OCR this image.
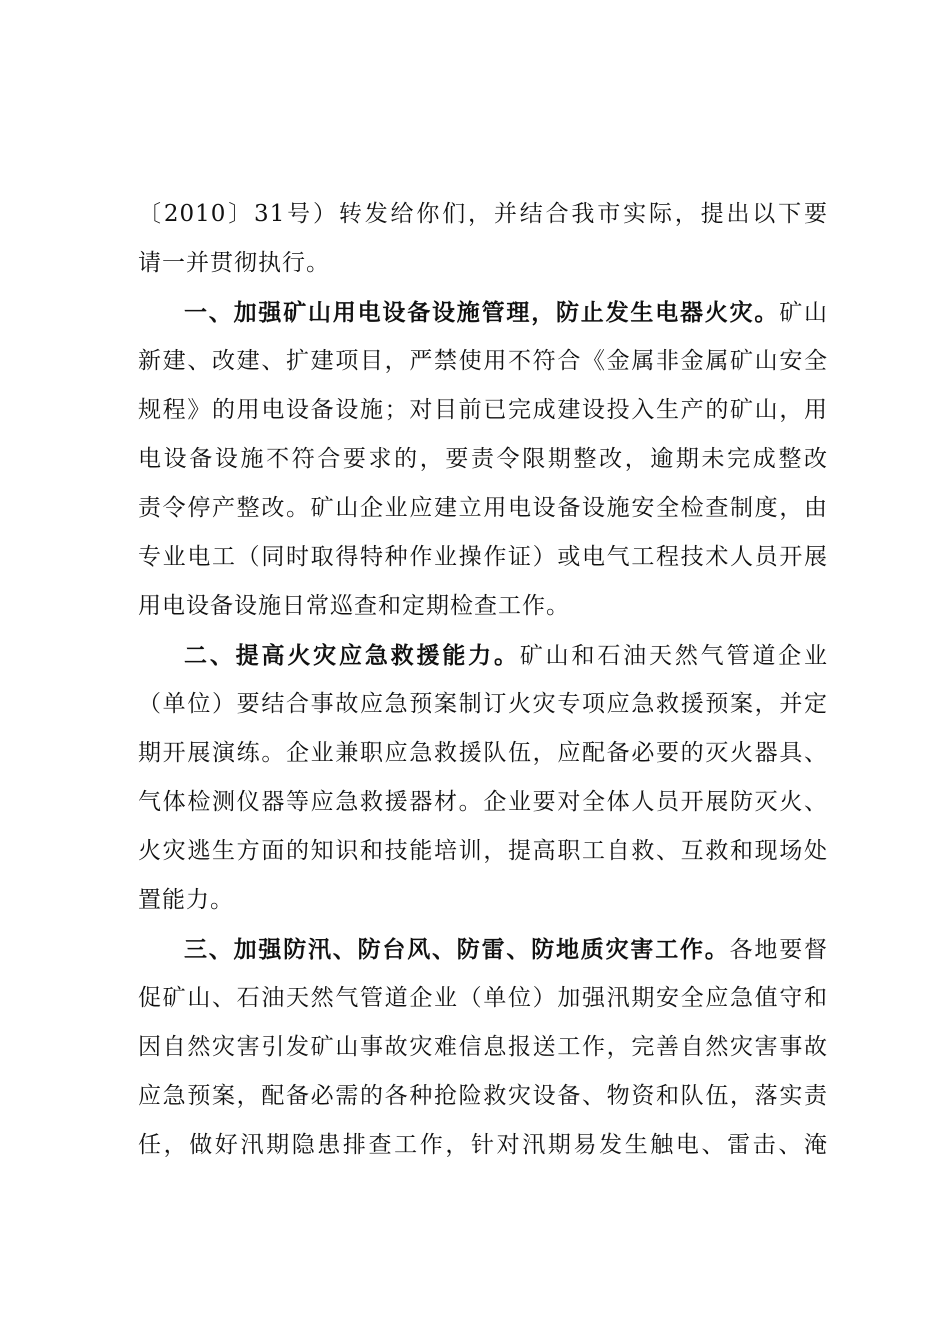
〔2010〕31号）转发给你们，并结合我市实际，提出以下要
请一并贯彻执行。
一、加强矿山用电设备设施管理，防止发生电器火灾。矿山
新建、改建、扩建项目，严禁使用不符合《金属非金属矿山安全
规程》的用电设备设施；对目前已完成建设投入生产的矿山，用
电设备设施不符合要求的，要责令限期整改，逾期未完成整改
责令停产整改。矿山企业应建立用电设备设施安全检查制度，由
专业电工（同时取得特种作业操作证）或电气工程技术人员开展
用电设备设施日常巡查和定期检查工作。
二、提高火灾应急救援能力。矿山和石油天然气管道企业
（单位）要结合事故应急预案制订火灾专项应急救援预案，并定
期开展演练。企业兼职应急救援队伍，应配备必要的灭火器具、
气体检测仪器等应急救援器材。企业要对全体人员开展防灭火、
火灾逃生方面的知识和技能培训，提高职工自救、互救和现场处
置能力。
三、加强防汛、防台风、防雷、防地质灾害工作。各地要督
促矿山、石油天然气管道企业（单位）加强汛期安全应急值守和
因自然灾害引发矿山事故灾难信息报送工作，完善自然灾害事故
应急预案，配备必需的各种抢险救灾设备、物资和队伍，落实责
任，做好汛期隐患排查工作，针对汛期易发生触电、雷击、淹
